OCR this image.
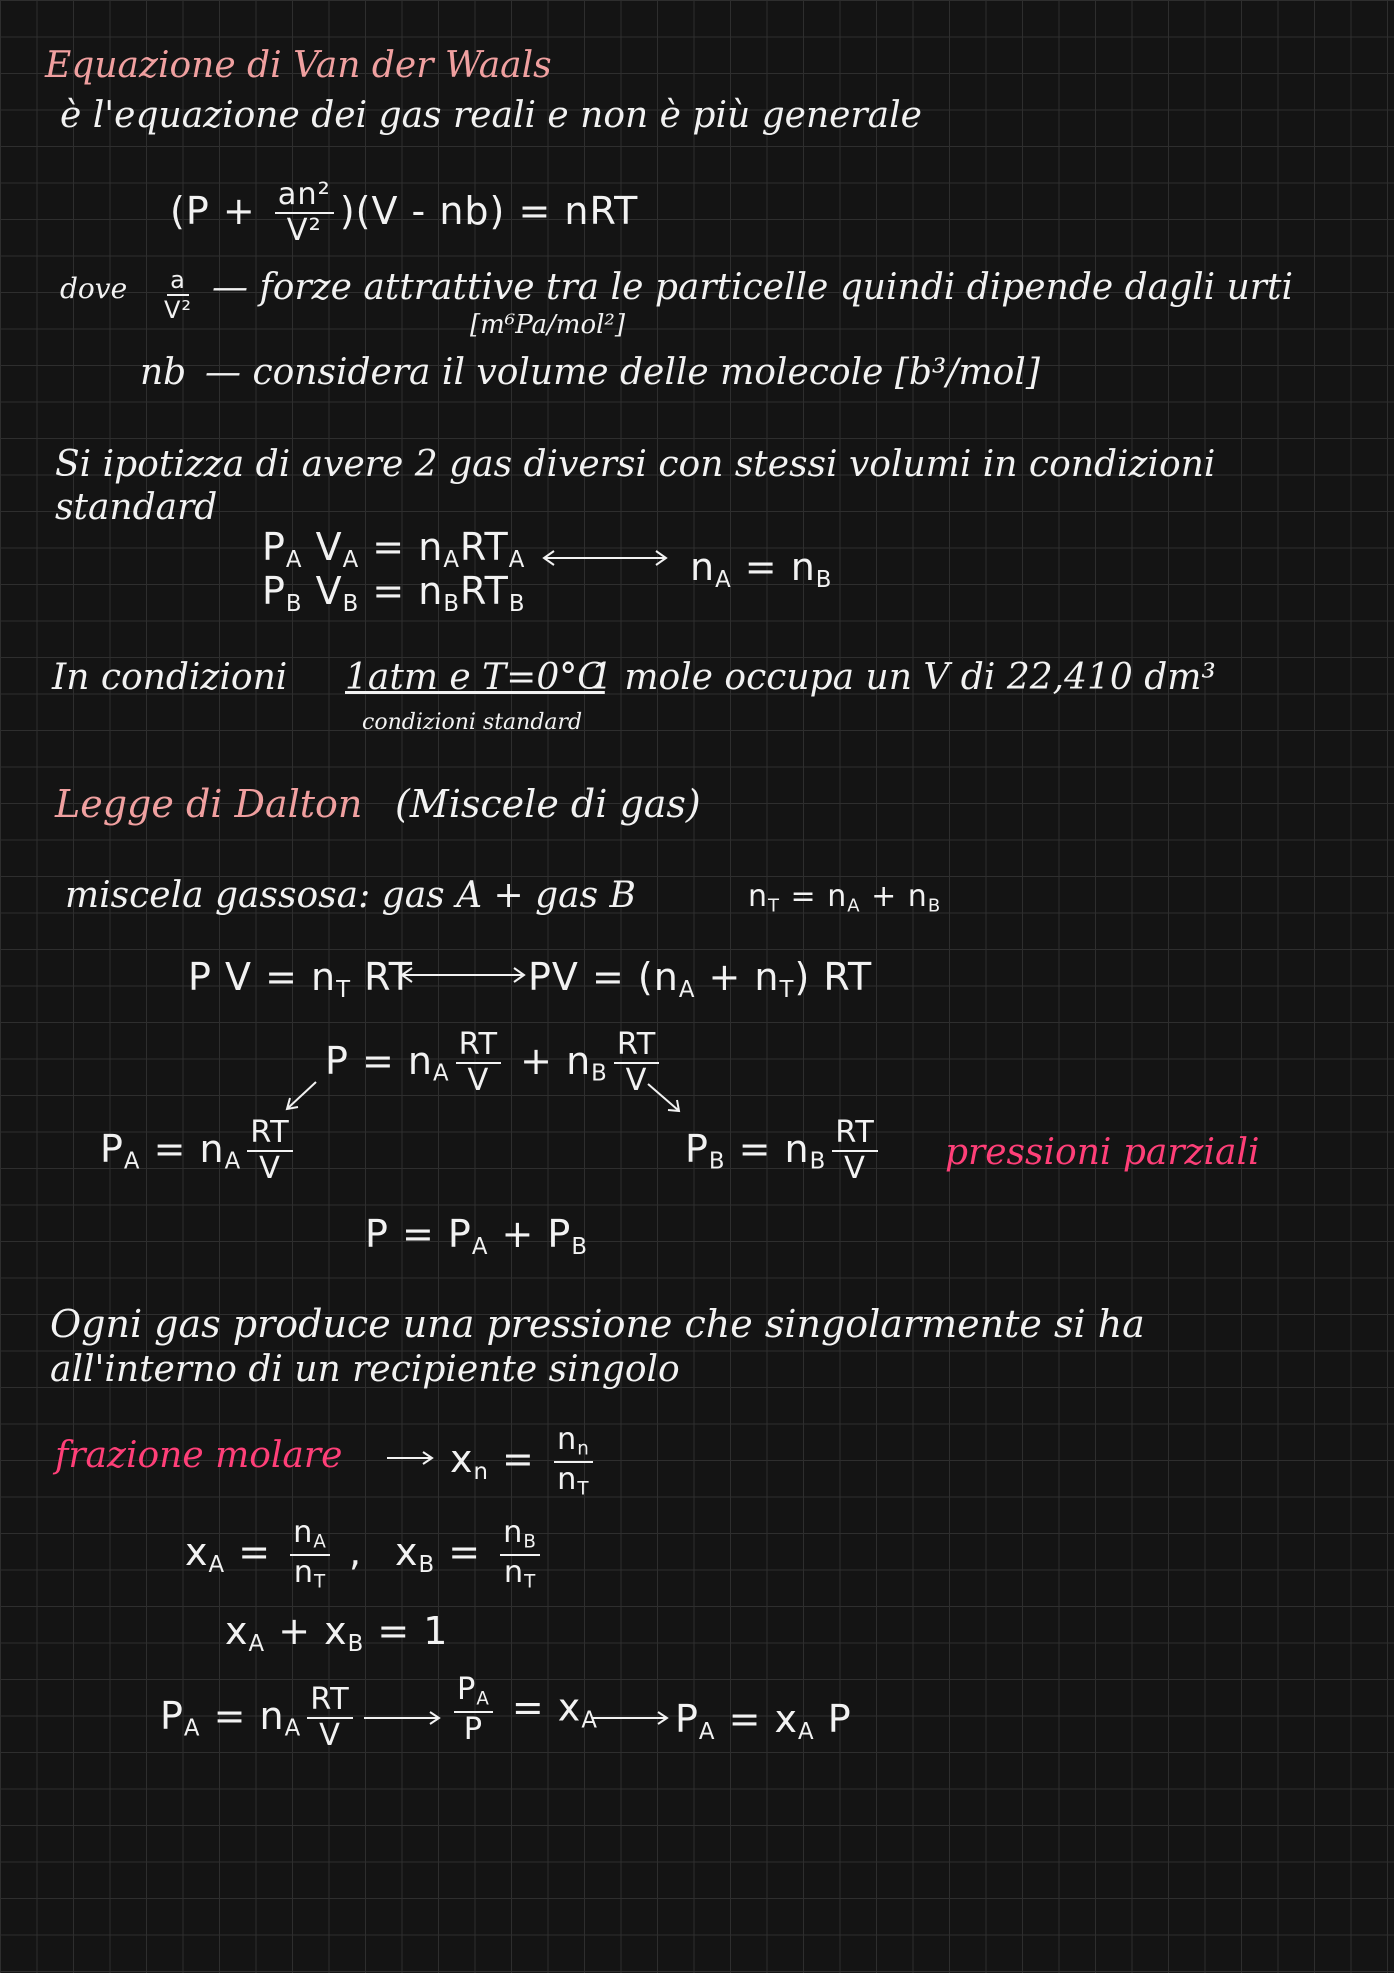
Equazione di Van der Waals
è l'equazione dei gas reali e non è più generale
$(P + \frac{\text{an²}}{\text{V²}} )(V - nb)$ = nRT
dove $\frac{a}{\text{V²}}$ — forze attrattive tra le particelle quindi dipende dagli urti
[m⁶Pa/mol²]
nb — considera il volume delle molecole [b³/mol]
Si ipotizza di avere 2 gas diversi con stessi volumi in condizioni
standard
$P_A$ $V_A = n_ART_A$
$P_B$ $V_B = n_BRT_B$
$n_A = n_B$
In condizioni 1atm e T=0°C
1 mole occupa un V di 22,410 dm³
condizioni standard
Legge di Dalton (Miscele di gas)
miscela gassosa: gas A + gas B	$n_T = n_A + n_B$
P $V = n_T$ RT	PV = $(n_A + n_T)$ RT
$P = n_A \frac{RT}{V} + n_B \frac{RT}{V}$
$P_A = n_A \frac{RT}{V}$	$P_B = n_B \frac{RT}{V}$ pressioni parziali
$P = P_A + P_B$
Ogni gas produce una pressione che singolarmente si ha
all'interno di un recipiente singolo
frazione molare	$x_n = \frac{n_n}{n_T}$
$x_A = \frac{n_A}{n_T}$ , $x_B = \frac{n_B}{n_T}$
$x_A + x_B = 1$
$P_A = n_A \frac{RT}{V}$	$\frac{P_A}{P} = x_A$ $P_A = x_A$ P
